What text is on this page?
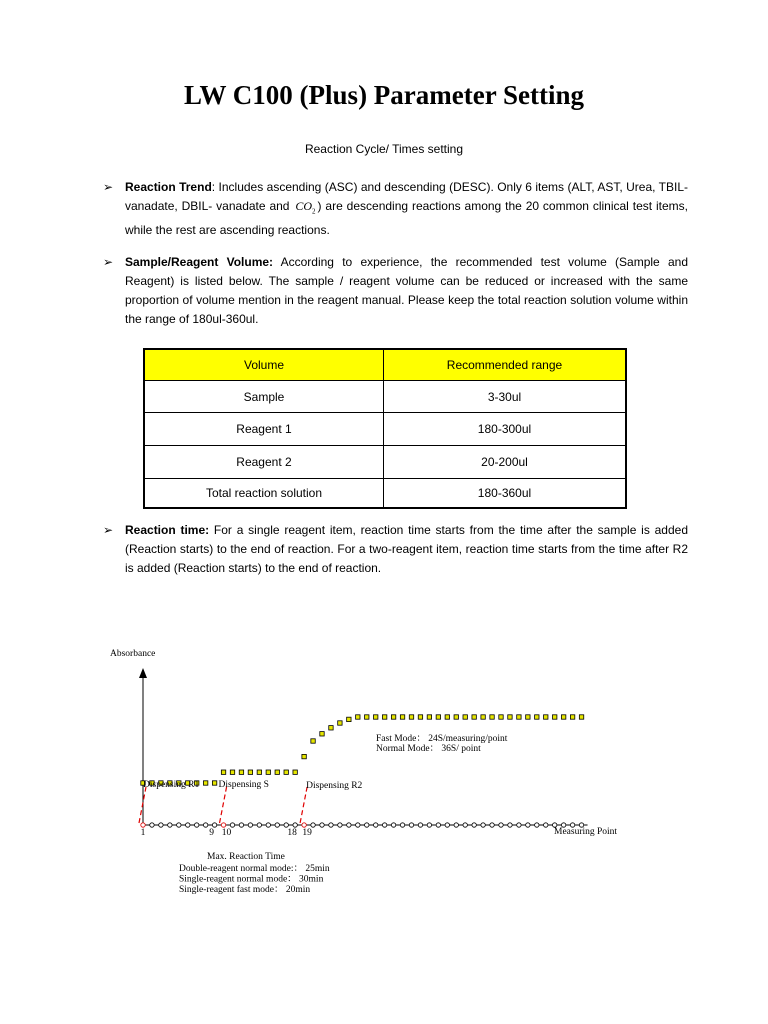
LW C100 (Plus) Parameter Setting
Reaction Cycle/ Times setting
➢ Reaction Trend: Includes ascending (ASC) and descending (DESC). Only 6 items (ALT, AST, Urea, TBIL-vanadate, DBIL- vanadate and $CO_2$ ) are descending reactions among the 20 common clinical test items, while the rest are ascending reactions.
➢ Sample/Reagent Volume: According to experience, the recommended test volume (Sample and Reagent) is listed below. The sample / reagent volume can be reduced or increased with the same proportion of volume mention in the reagent manual. Please keep the total reaction solution volume within the range of 180ul-360ul.
Volume	Recommended range
Sample	3-30ul
Reagent 1	180-300ul
Reagent 2	20-200ul
Total reaction solution	180-360ul
➢ Reaction time: For a single reagent item, reaction time starts from the time after the sample is added (Reaction starts) to the end of reaction. For a two-reagent item, reaction time starts from the time after R2 is added (Reaction starts) to the end of reaction.
Absorbance
Measuring Point
1	9 10	18 19
Dispensing R1 Dispensing S	Dispensing R2
Fast Mode： 24S/measuring/point
Normal Mode： 36S/ point
Max. Reaction Time
Double-reagent normal mode:： 25min
Single-reagent normal mode： 30min
Single-reagent fast mode： 20min
